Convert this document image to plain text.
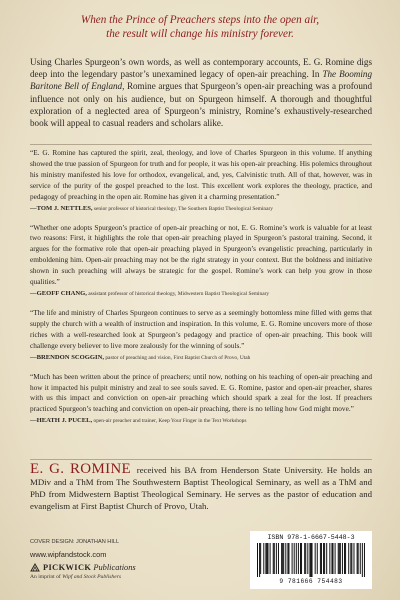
When the Prince of Preachers steps into the open air,
the result will change his ministry forever.

Using Charles Spurgeon’s own words, as well as contemporary accounts, E. G. Romine digs deep into the legendary pastor’s unexamined legacy of open-air preaching. In The Booming Baritone Bell of England, Romine argues that Spurgeon’s open-air preaching was a profound influence not only on his audience, but on Spurgeon himself. A thorough and thoughtful exploration of a neglected area of Spurgeon’s ministry, Romine’s exhaustively-researched book will appeal to casual readers and scholars alike.

“E. G. Romine has captured the spirit, zeal, theology, and love of Charles Spurgeon in this volume. If anything showed the true passion of Spurgeon for truth and for people, it was his open-air preaching. His polemics throughout his ministry manifested his love for orthodox, evangelical, and, yes, Calvinistic truth. All of that, however, was in service of the purity of the gospel preached to the lost. This excellent work explores the theology, practice, and pedagogy of preaching in the open air. Romine has given it a charming presentation.”

—TOM J. NETTLES, senior professor of historical theology, The Southern Baptist Theological Seminary

“Whether one adopts Spurgeon’s practice of open-air preaching or not, E. G. Romine’s work is valuable for at least two reasons: First, it highlights the role that open-air preaching played in Spurgeon’s pastoral training. Second, it argues for the formative role that open-air preaching played in Spurgeon’s evangelistic preaching, particularly in emboldening him. Open-air preaching may not be the right strategy in your context. But the boldness and initiative shown in such preaching will always be strategic for the gospel. Romine’s work can help you grow in those qualities.”

—GEOFF CHANG, assistant professor of historical theology, Midwestern Baptist Theological Seminary

“The life and ministry of Charles Spurgeon continues to serve as a seemingly bottomless mine filled with gems that supply the church with a wealth of instruction and inspiration. In this volume, E. G. Romine uncovers more of those riches with a well-researched look at Spurgeon’s pedagogy and practice of open-air preaching. This book will challenge every believer to live more zealously for the winning of souls.”

—BRENDON SCOGGIN, pastor of preaching and vision, First Baptist Church of Provo, Utah

“Much has been written about the prince of preachers; until now, nothing on his teaching of open-air preaching and how it impacted his pulpit ministry and zeal to see souls saved. E. G. Romine, pastor and open-air preacher, shares with us this impact and conviction on open-air preaching which should spark a zeal for the lost. If preachers practiced Spurgeon’s teaching and conviction on open-air preaching, there is no telling how God might move.”

—HEATH J. PUCEL, open-air preacher and trainer, Keep Your Finger in the Text Workshops

E. G. ROMINE received his BA from Henderson State University. He holds an MDiv and a ThM from The Southwestern Baptist Theological Seminary, as well as a ThM and PhD from Midwestern Baptist Theological Seminary. He serves as the pastor of education and evangelism at First Baptist Church of Provo, Utah.

COVER DESIGN: JONATHAN HILL
www.wipfandstock.com
PICKWICK Publications
An imprint of Wipf and Stock Publishers
ISBN 978-1-6667-5448-3
9 781666 754483
